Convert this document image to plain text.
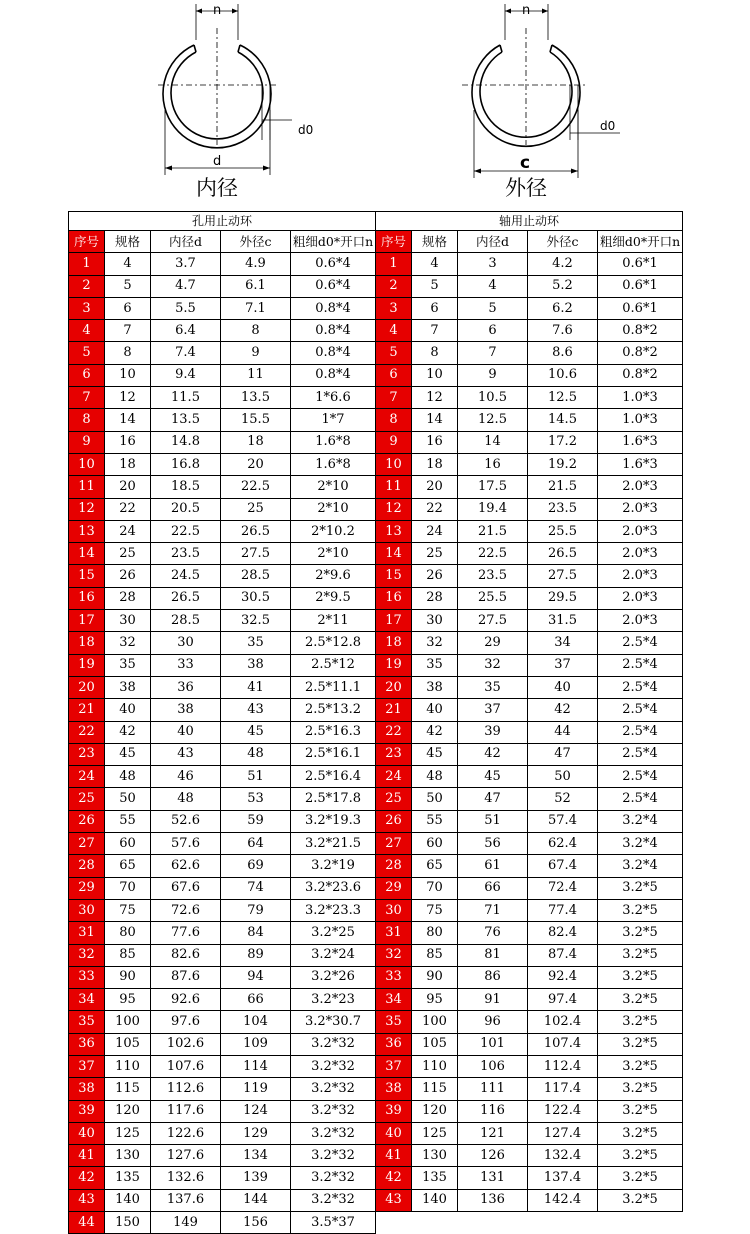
n
d
d0
内径
n
c
d0
外径
孔用止动环				
序号	规格	内径d	外径c	粗细d0*开口n
1	4	3.7	4.9	0.6*4
2	5	4.7	6.1	0.6*4
3	6	5.5	7.1	0.8*4
4	7	6.4	8	0.8*4
5	8	7.4	9	0.8*4
6	10	9.4	11	0.8*4
7	12	11.5	13.5	1*6.6
8	14	13.5	15.5	1*7
9	16	14.8	18	1.6*8
10	18	16.8	20	1.6*8
11	20	18.5	22.5	2*10
12	22	20.5	25	2*10
13	24	22.5	26.5	2*10.2
14	25	23.5	27.5	2*10
15	26	24.5	28.5	2*9.6
16	28	26.5	30.5	2*9.5
17	30	28.5	32.5	2*11
18	32	30	35	2.5*12.8
19	35	33	38	2.5*12
20	38	36	41	2.5*11.1
21	40	38	43	2.5*13.2
22	42	40	45	2.5*16.3
23	45	43	48	2.5*16.1
24	48	46	51	2.5*16.4
25	50	48	53	2.5*17.8
26	55	52.6	59	3.2*19.3
27	60	57.6	64	3.2*21.5
28	65	62.6	69	3.2*19
29	70	67.6	74	3.2*23.6
30	75	72.6	79	3.2*23.3
31	80	77.6	84	3.2*25
32	85	82.6	89	3.2*24
33	90	87.6	94	3.2*26
34	95	92.6	66	3.2*23
35	100	97.6	104	3.2*30.7
36	105	102.6	109	3.2*32
37	110	107.6	114	3.2*32
38	115	112.6	119	3.2*32
39	120	117.6	124	3.2*32
40	125	122.6	129	3.2*32
41	130	127.6	134	3.2*32
42	135	132.6	139	3.2*32
43	140	137.6	144	3.2*32
44	150	149	156	3.5*37
轴用止动环				
序号	规格	内径d	外径c	粗细d0*开口n
1	4	3	4.2	0.6*1
2	5	4	5.2	0.6*1
3	6	5	6.2	0.6*1
4	7	6	7.6	0.8*2
5	8	7	8.6	0.8*2
6	10	9	10.6	0.8*2
7	12	10.5	12.5	1.0*3
8	14	12.5	14.5	1.0*3
9	16	14	17.2	1.6*3
10	18	16	19.2	1.6*3
11	20	17.5	21.5	2.0*3
12	22	19.4	23.5	2.0*3
13	24	21.5	25.5	2.0*3
14	25	22.5	26.5	2.0*3
15	26	23.5	27.5	2.0*3
16	28	25.5	29.5	2.0*3
17	30	27.5	31.5	2.0*3
18	32	29	34	2.5*4
19	35	32	37	2.5*4
20	38	35	40	2.5*4
21	40	37	42	2.5*4
22	42	39	44	2.5*4
23	45	42	47	2.5*4
24	48	45	50	2.5*4
25	50	47	52	2.5*4
26	55	51	57.4	3.2*4
27	60	56	62.4	3.2*4
28	65	61	67.4	3.2*4
29	70	66	72.4	3.2*5
30	75	71	77.4	3.2*5
31	80	76	82.4	3.2*5
32	85	81	87.4	3.2*5
33	90	86	92.4	3.2*5
34	95	91	97.4	3.2*5
35	100	96	102.4	3.2*5
36	105	101	107.4	3.2*5
37	110	106	112.4	3.2*5
38	115	111	117.4	3.2*5
39	120	116	122.4	3.2*5
40	125	121	127.4	3.2*5
41	130	126	132.4	3.2*5
42	135	131	137.4	3.2*5
43	140	136	142.4	3.2*5
